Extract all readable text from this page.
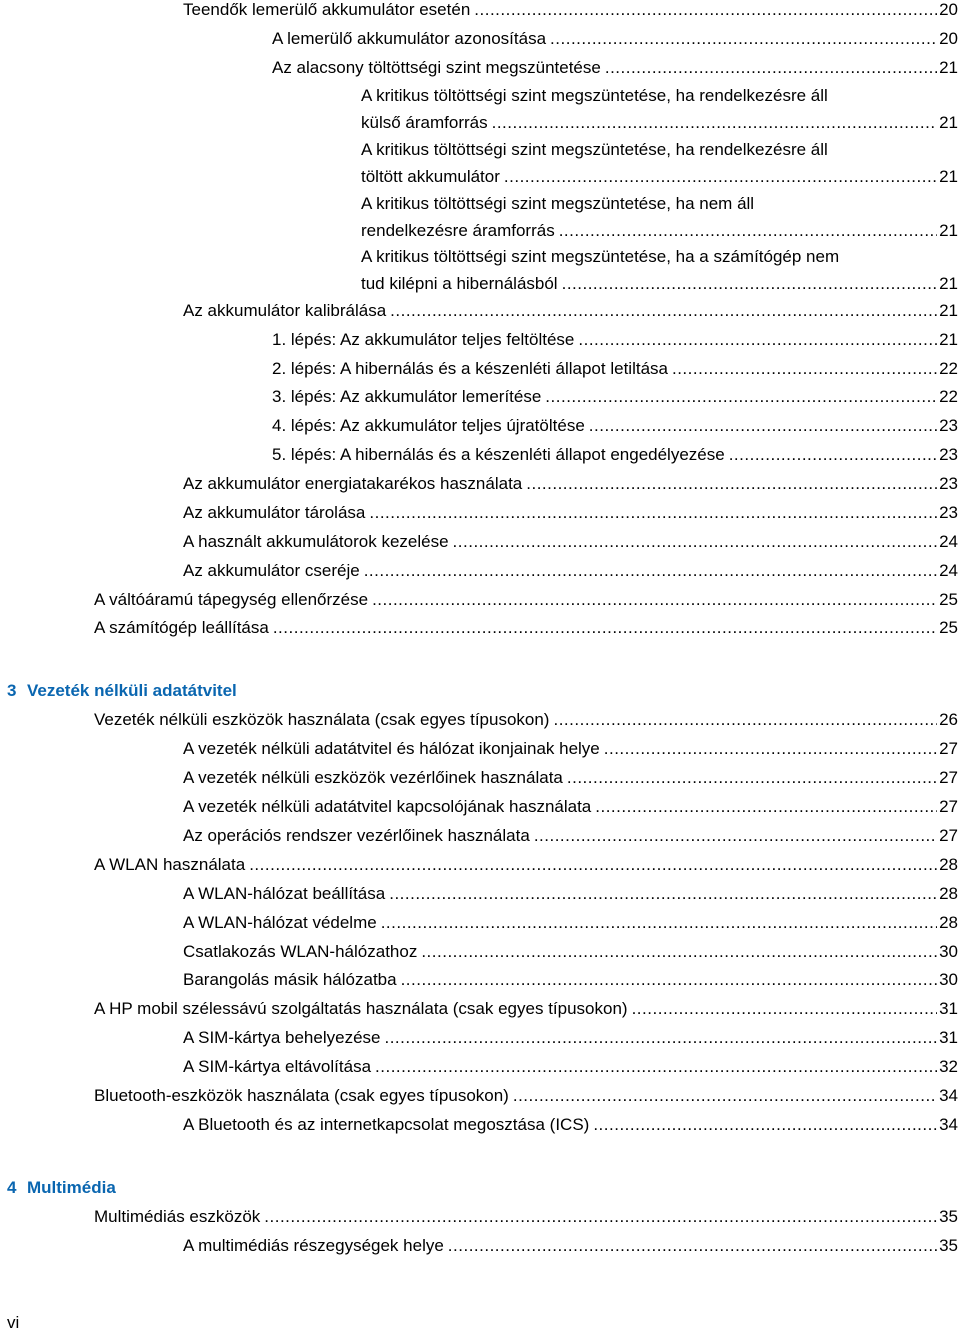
3 Vezeték nélküli adatátvitel
4 Multimédia
Teendők lemerülő akkumulátor esetén .....	20
A lemerülő akkumulátor azonosítása .....	20
Az alacsony töltöttségi szint megszüntetése .....	21
A kritikus töltöttségi szint megszüntetése, ha rendelkezésre áll
külső áramforrás .....	21
A kritikus töltöttségi szint megszüntetése, ha rendelkezésre áll
töltött akkumulátor .....	21
A kritikus töltöttségi szint megszüntetése, ha nem áll
rendelkezésre áramforrás .....	21
A kritikus töltöttségi szint megszüntetése, ha a számítógép nem
tud kilépni a hibernálásból .....	21
Az akkumulátor kalibrálása .....	21
1. lépés: Az akkumulátor teljes feltöltése .....	21
2. lépés: A hibernálás és a készenléti állapot letiltása .....	22
3. lépés: Az akkumulátor lemerítése .....	22
4. lépés: Az akkumulátor teljes újratöltése .....	23
5. lépés: A hibernálás és a készenléti állapot engedélyezése .....	23
Az akkumulátor energiatakarékos használata .....	23
Az akkumulátor tárolása .....	23
A használt akkumulátorok kezelése .....	24
Az akkumulátor cseréje .....	24
A váltóáramú tápegység ellenőrzése .....	25
A számítógép leállítása .....	25
Vezeték nélküli eszközök használata (csak egyes típusokon) .....	26
A vezeték nélküli adatátvitel és hálózat ikonjainak helye .....	27
A vezeték nélküli eszközök vezérlőinek használata .....	27
A vezeték nélküli adatátvitel kapcsolójának használata .....	27
Az operációs rendszer vezérlőinek használata .....	27
A WLAN használata .....	28
A WLAN-hálózat beállítása .....	28
A WLAN-hálózat védelme .....	28
Csatlakozás WLAN-hálózathoz .....	30
Barangolás másik hálózatba .....	30
A HP mobil szélessávú szolgáltatás használata (csak egyes típusokon) .....	31
A SIM-kártya behelyezése .....	31
A SIM-kártya eltávolítása .....	32
Bluetooth-eszközök használata (csak egyes típusokon) .....	34
A Bluetooth és az internetkapcsolat megosztása (ICS) .....	34
Multimédiás eszközök .....	35
A multimédiás részegységek helye .....	35
vi
